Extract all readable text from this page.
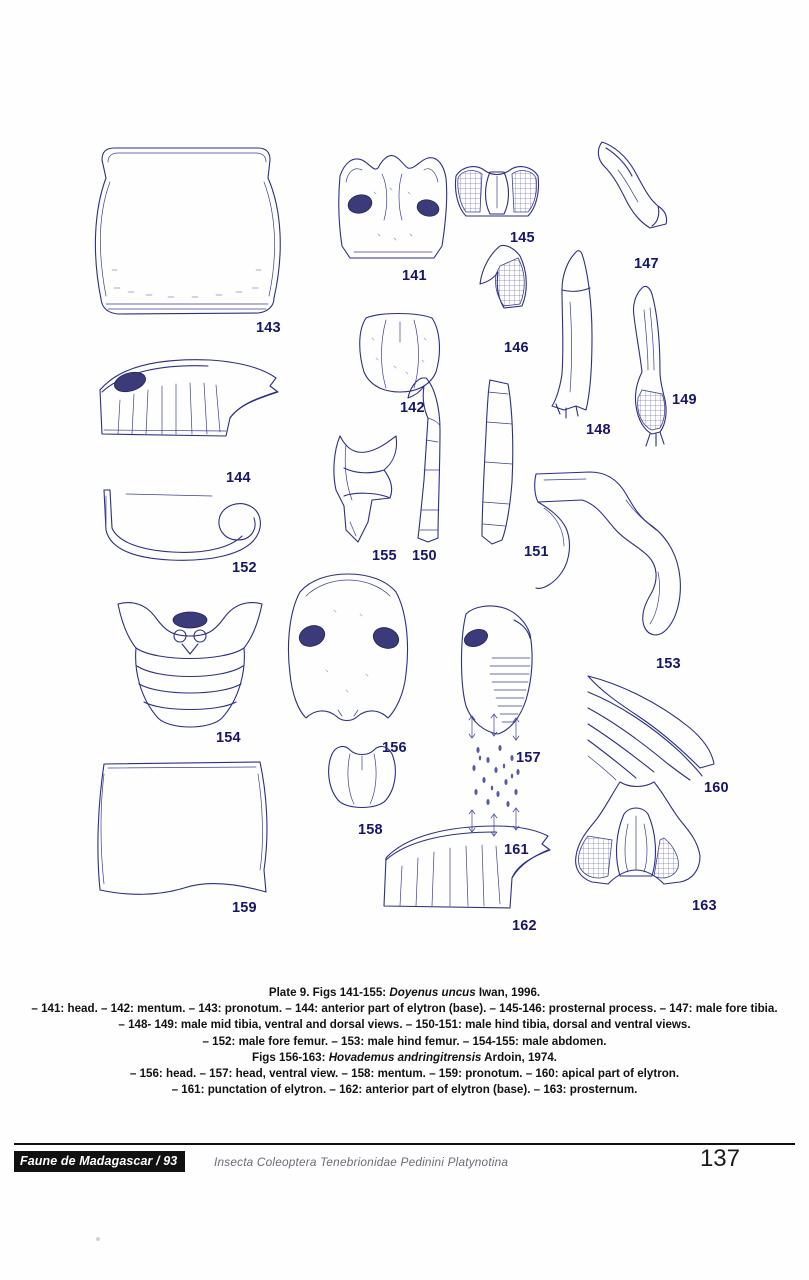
143
144
152
154
159
141
142
155
156
158
162
145
146
150
157
161
151
147
149
148
153
160
163
Plate 9. Figs 141-155: Doyenus uncus Iwan, 1996.
– 141: head. – 142: mentum. – 143: pronotum. – 144: anterior part of elytron (base). – 145-146: prosternal process. – 147: male fore tibia.
– 148- 149: male mid tibia, ventral and dorsal views. – 150-151: male hind tibia, dorsal and ventral views.
– 152: male fore femur. – 153: male hind femur. – 154-155: male abdomen.
Figs 156-163: Hovademus andringitrensis Ardoin, 1974.
– 156: head. – 157: head, ventral view. – 158: mentum. – 159: pronotum. – 160: apical part of elytron.
– 161: punctation of elytron. – 162: anterior part of elytron (base). – 163: prosternum.
Faune de Madagascar / 93	Insecta Coleoptera Tenebrionidae Pedinini Platynotina	137
